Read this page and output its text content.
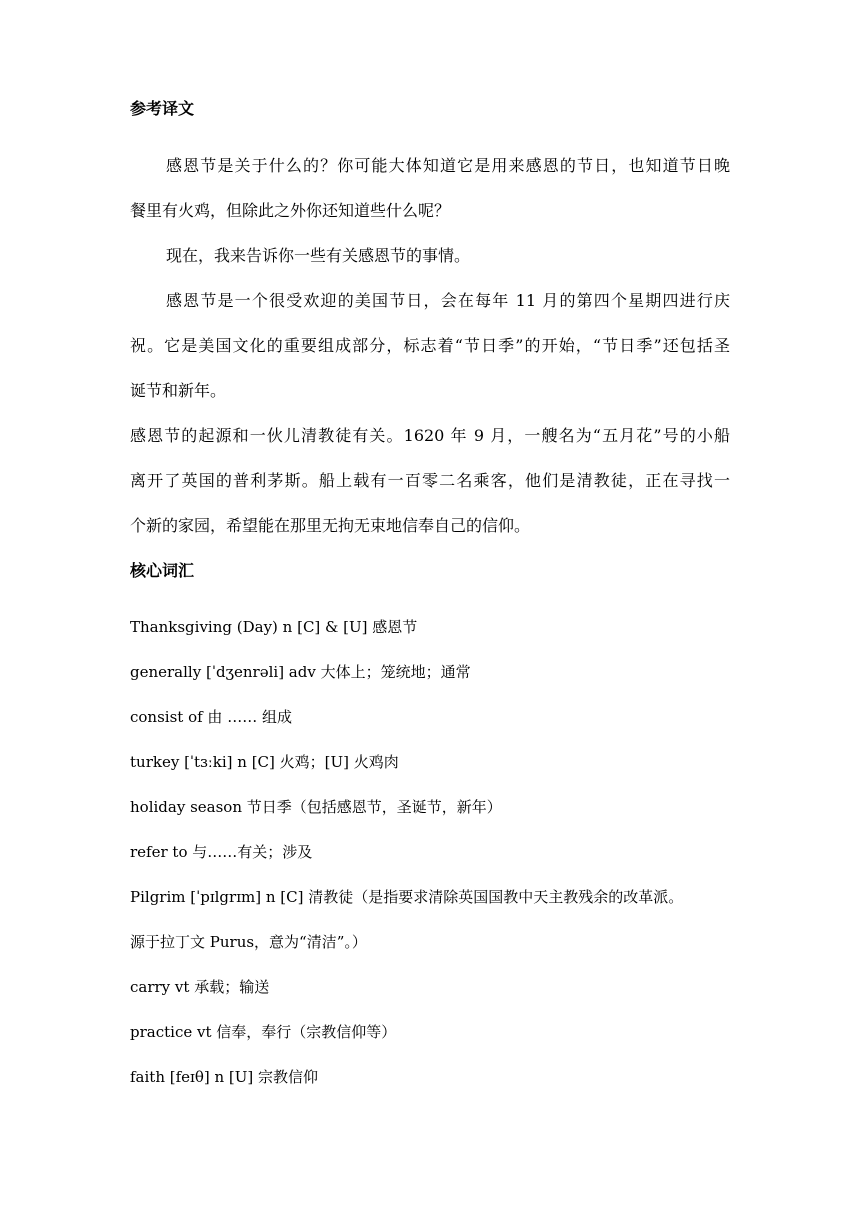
参考译文
感恩节是关于什么的？你可能大体知道它是用来感恩的节日，也知道节日晚
餐里有火鸡，但除此之外你还知道些什么呢？
现在，我来告诉你一些有关感恩节的事情。
感恩节是一个很受欢迎的美国节日，会在每年 11 月的第四个星期四进行庆
祝。它是美国文化的重要组成部分，标志着“节日季”的开始，“节日季”还包括圣
诞节和新年。
感恩节的起源和一伙儿清教徒有关。1620 年 9 月，一艘名为“五月花”号的小船
离开了英国的普利茅斯。船上载有一百零二名乘客，他们是清教徒，正在寻找一
个新的家园，希望能在那里无拘无束地信奉自己的信仰。
核心词汇
Thanksgiving (Day) n [C] & [U] 感恩节
generally [ˈdʒenrəli] adv 大体上；笼统地；通常
consist of 由 …… 组成
turkey [ˈtɜːki] n [C] 火鸡；[U] 火鸡肉
holiday season 节日季（包括感恩节，圣诞节，新年）
refer to 与……有关；涉及
Pilgrim [ˈpɪlgrɪm] n [C] 清教徒（是指要求清除英国国教中天主教残余的改革派。
源于拉丁文 Purus，意为“清洁”。）
carry vt 承载；输送
practice vt 信奉，奉行（宗教信仰等）
faith [feɪθ] n [U] 宗教信仰
